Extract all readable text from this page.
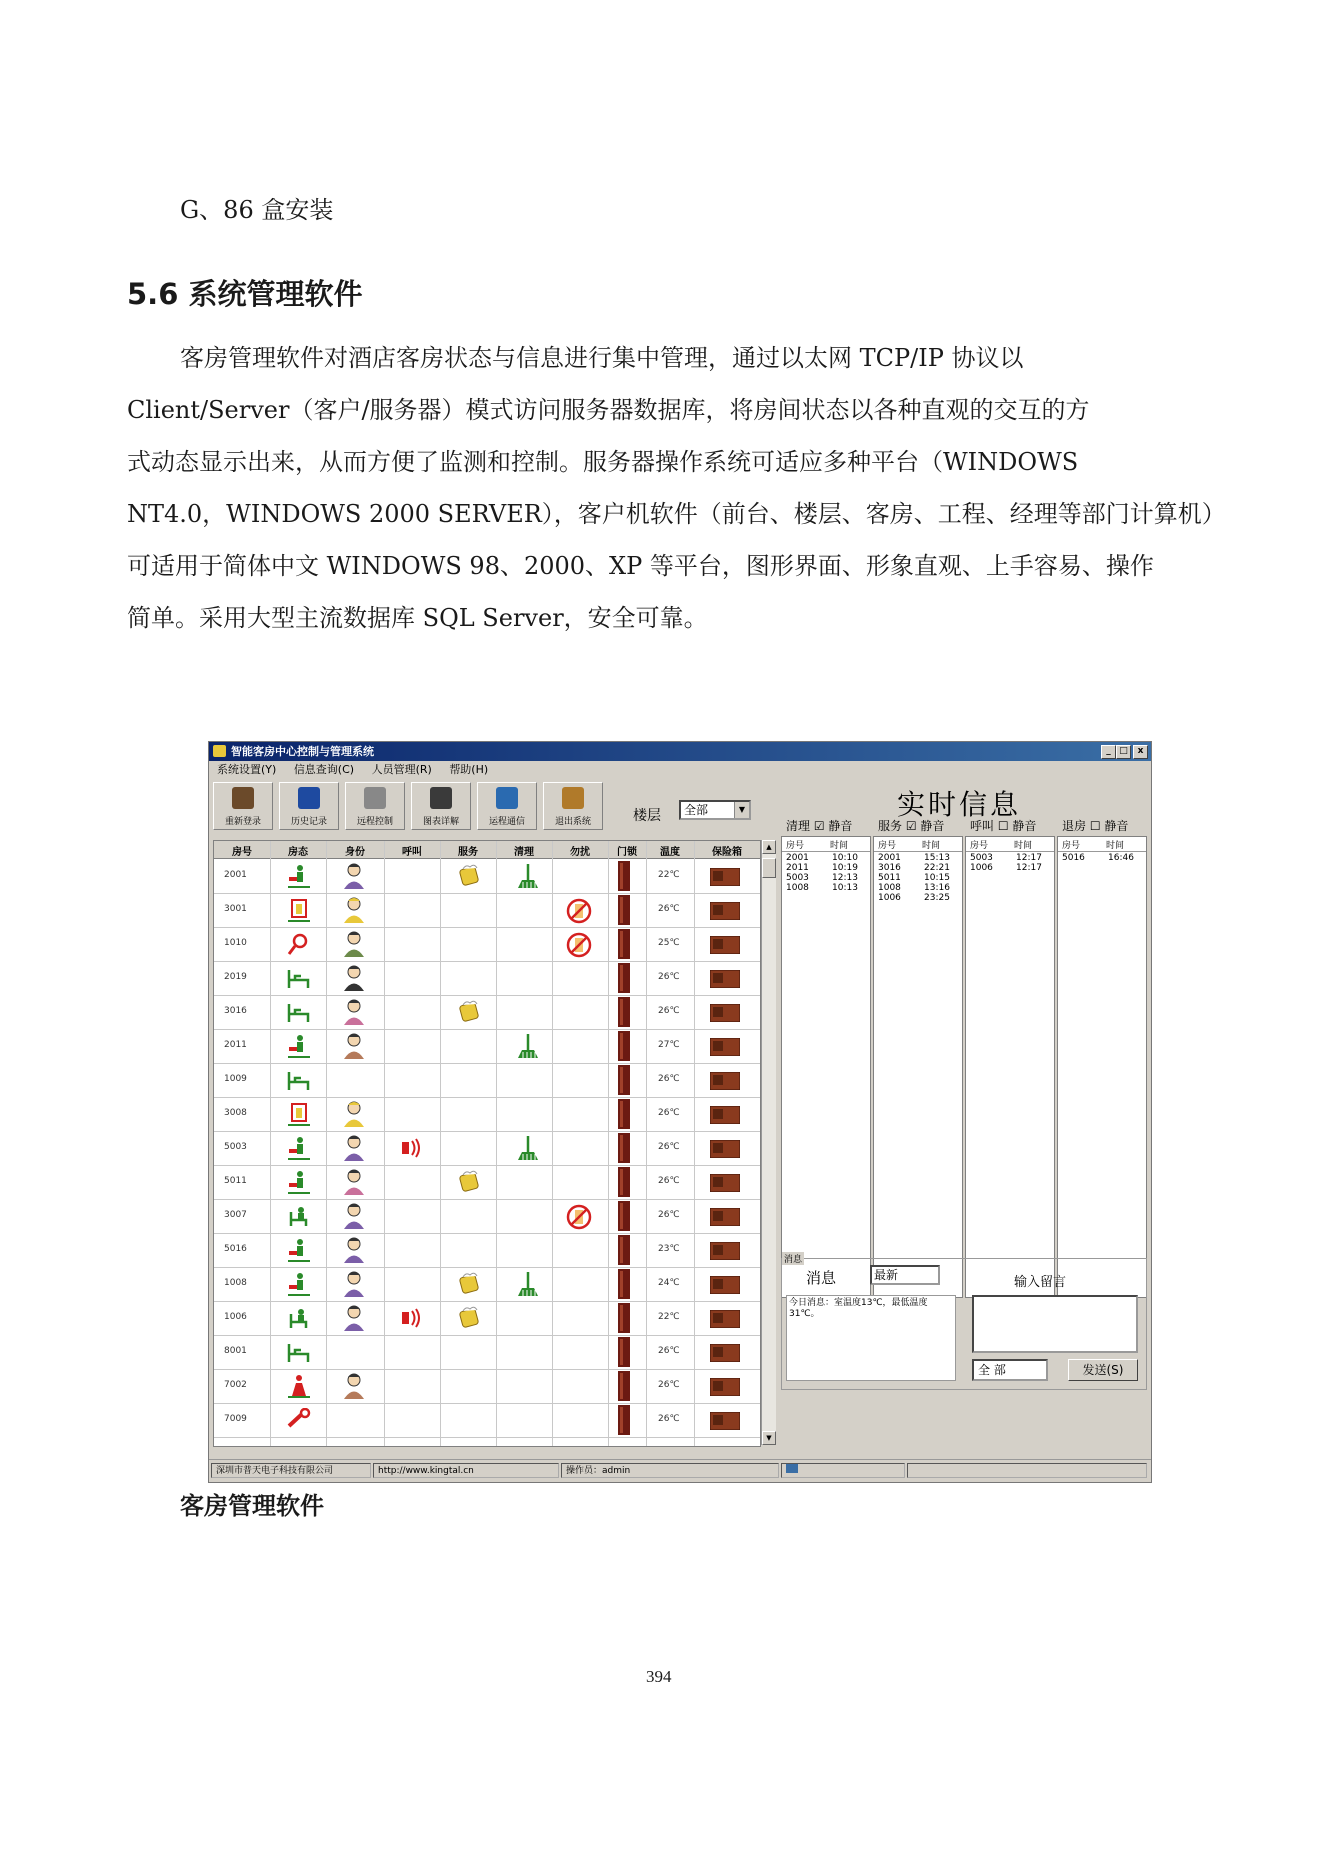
G、86 盒安装
5.6 系统管理软件
客房管理软件对酒店客房状态与信息进行集中管理，通过以太网 TCP/IP 协议以
Client/Server（客户/服务器）模式访问服务器数据库，将房间状态以各种直观的交互的方
式动态显示出来，从而方便了监测和控制。服务器操作系统可适应多种平台（WINDOWS
NT4.0，WINDOWS 2000 SERVER），客户机软件（前台、楼层、客房、工程、经理等部门计算机）
可适用于简体中文 WINDOWS 98、2000、XP 等平台，图形界面、形象直观、上手容易、操作
简单。采用大型主流数据库 SQL Server，安全可靠。
智能客房中心控制与管理系统	_ □	x
系统设置(Y) 信息查询(C) 人员管理(R) 帮助(H)
重新登录	历史记录	远程控制	图表详解	运程通信	退出系统	楼层	全部	▼
房号	房态	身份	呼叫	服务	清理	勿扰	门锁	温度	保险箱
2001	22℃
3001	26℃
1010	25℃
2019	26℃
3016	26℃
2011	27℃
1009	26℃
3008	26℃
5003	26℃
5011	26℃
3007	26℃
5016	23℃
1008	24℃
1006	22℃
8001	26℃
7002	26℃
7009	26℃
▲
▼
实时信息
清理 ☑ 静音
房号	时间
2001	10:10
2011	10:19
5003	12:13
1008	10:13
服务 ☑ 静音
房号	时间
2001	15:13
3016	22:21
5011	10:15
1008	13:16
1006	23:25
呼叫 ☐ 静音
房号	时间
5003	12:17
1006	12:17
退房 ☐ 静音
房号	时间
5016	16:46
消息
消息	最新
今日消息：室温度13℃，最低温度31℃。
输入留言
全 部	发送(S)
深圳市普天电子科技有限公司	http://www.kingtal.cn	操作员：admin
客房管理软件
394
